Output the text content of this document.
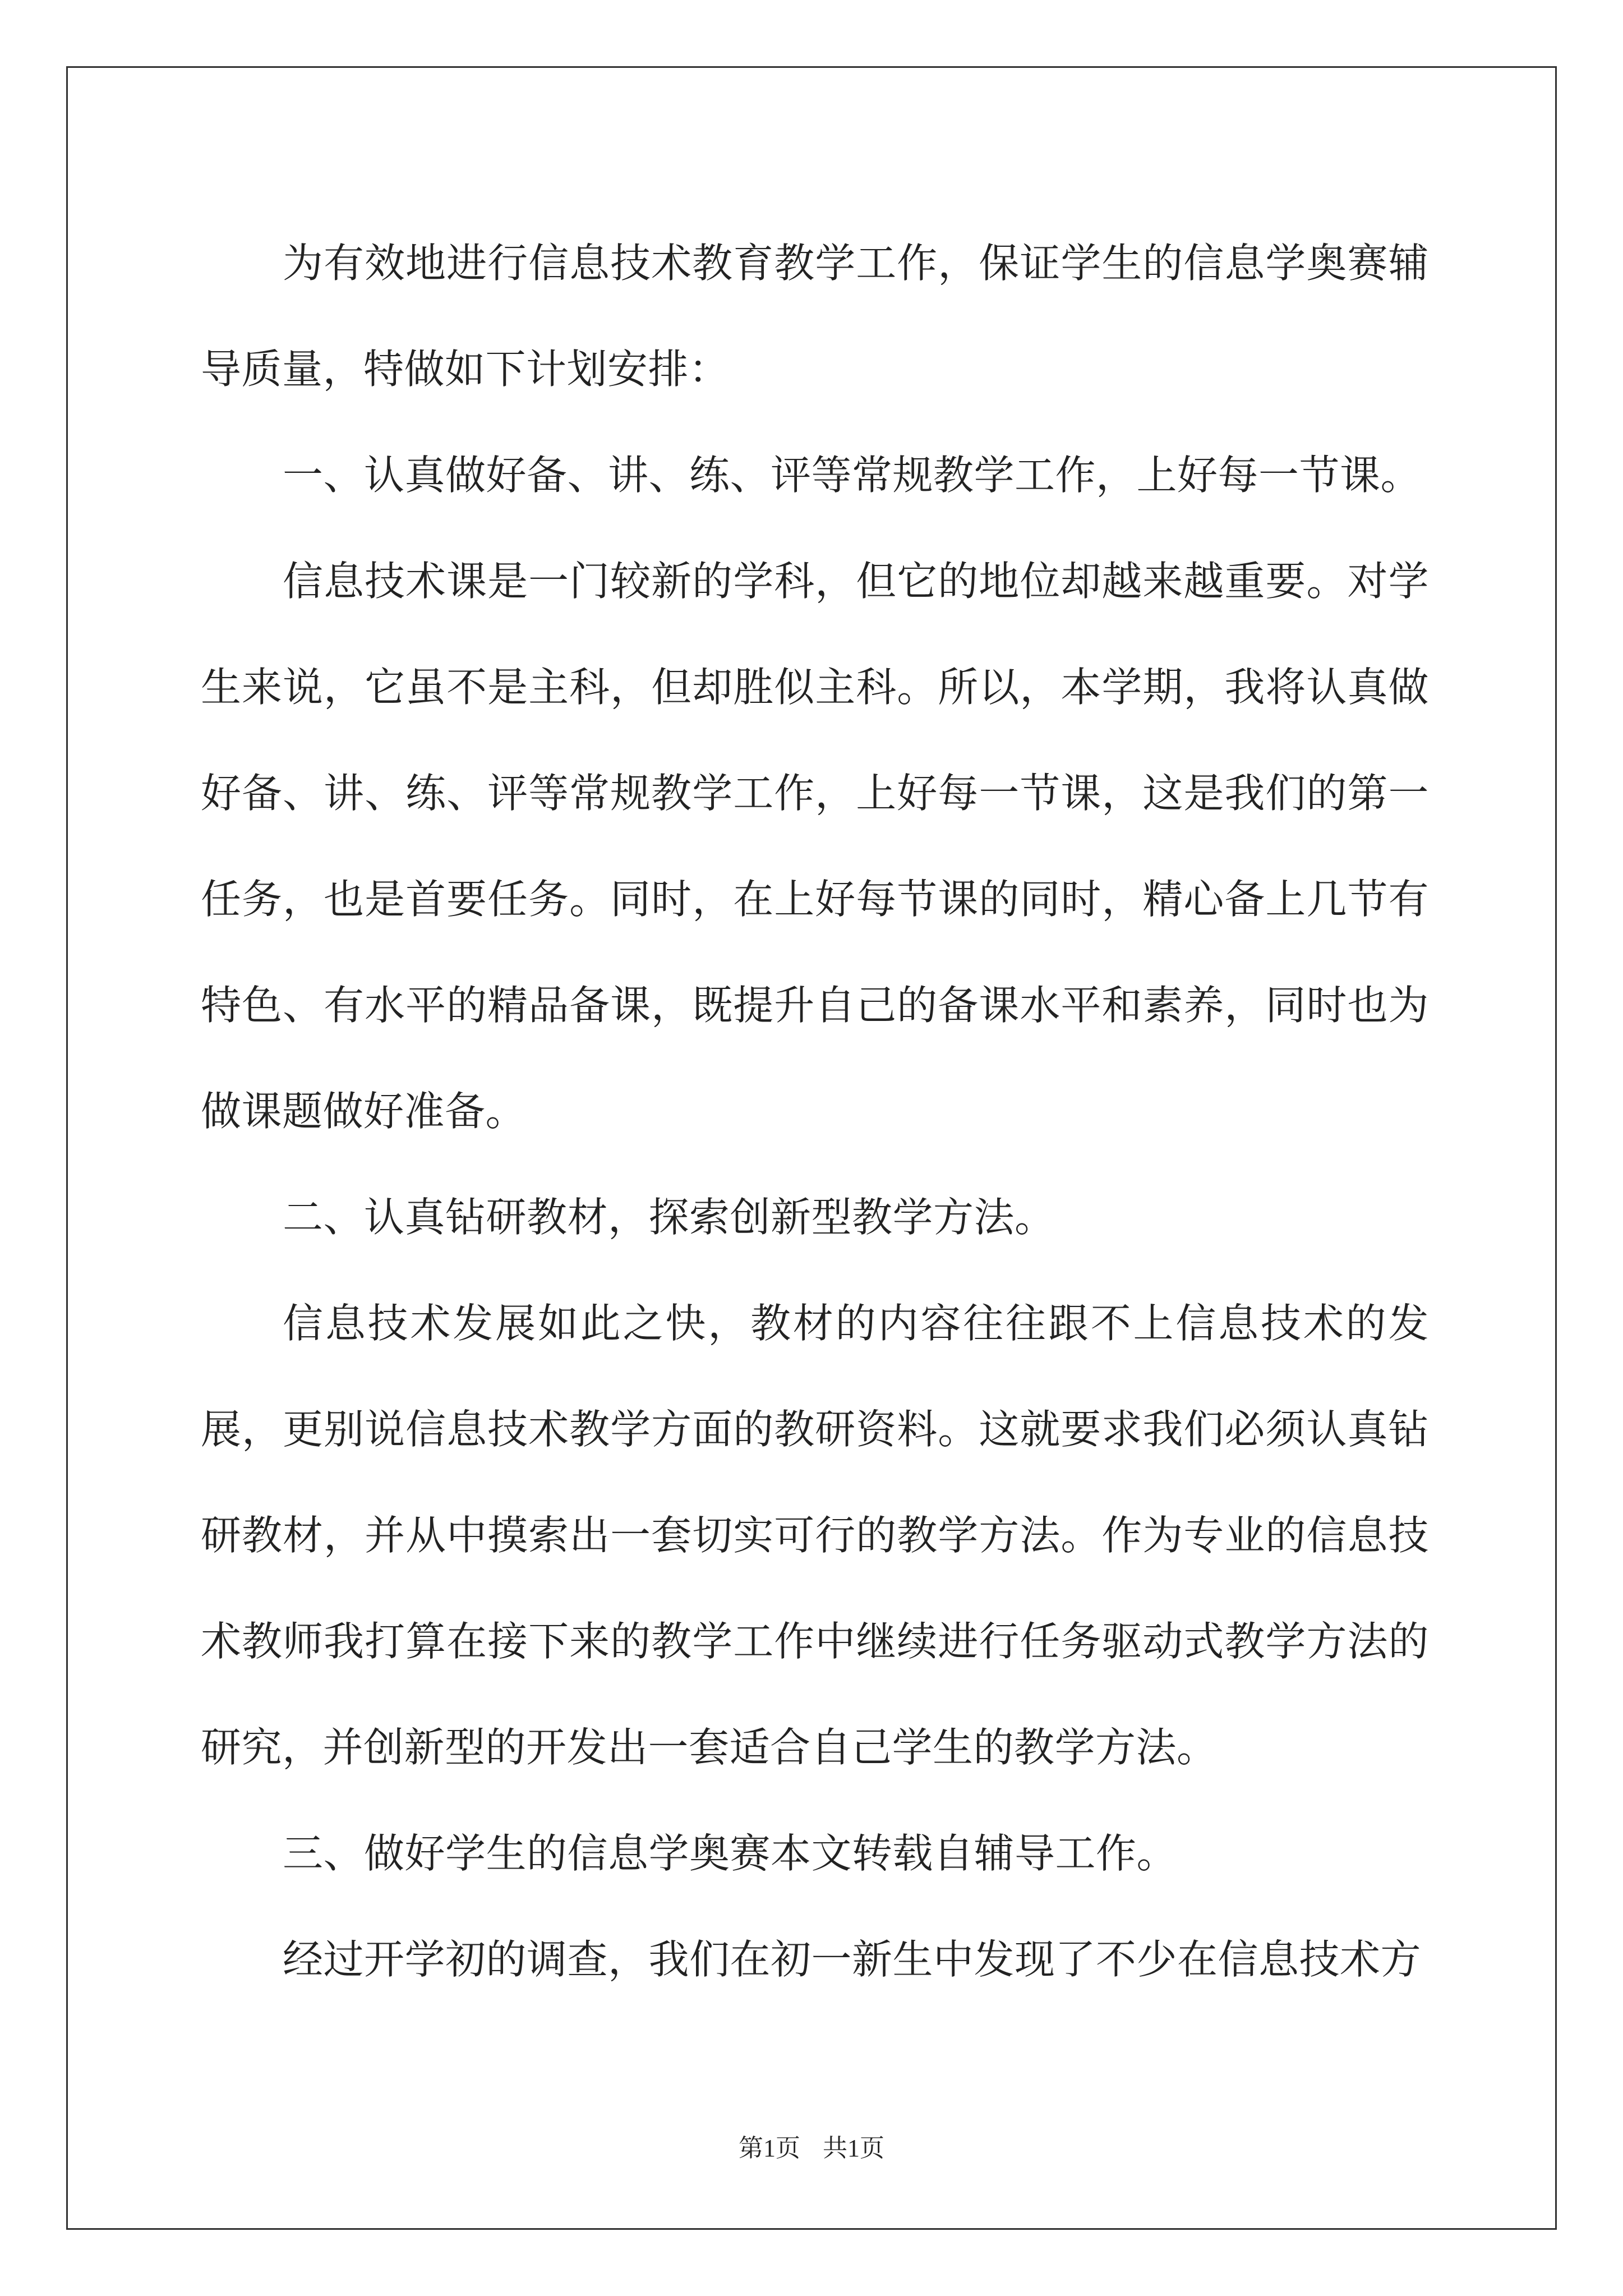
为有效地进行信息技术教育教学工作，保证学生的信息学奥赛辅导质量，特做如下计划安排：

一、认真做好备、讲、练、评等常规教学工作，上好每一节课。

信息技术课是一门较新的学科，但它的地位却越来越重要。对学生来说，它虽不是主科，但却胜似主科。所以，本学期，我将认真做好备、讲、练、评等常规教学工作，上好每一节课，这是我们的第一任务，也是首要任务。同时，在上好每节课的同时，精心备上几节有特色、有水平的精品备课，既提升自己的备课水平和素养，同时也为做课题做好准备。

二、认真钻研教材，探索创新型教学方法。

信息技术发展如此之快，教材的内容往往跟不上信息技术的发展，更别说信息技术教学方面的教研资料。这就要求我们必须认真钻研教材，并从中摸索出一套切实可行的教学方法。作为专业的信息技术教师我打算在接下来的教学工作中继续进行任务驱动式教学方法的研究，并创新型的开发出一套适合自己学生的教学方法。

三、做好学生的信息学奥赛本文转载自辅导工作。

经过开学初的调查，我们在初一新生中发现了不少在信息技术方

第1页 共1页
